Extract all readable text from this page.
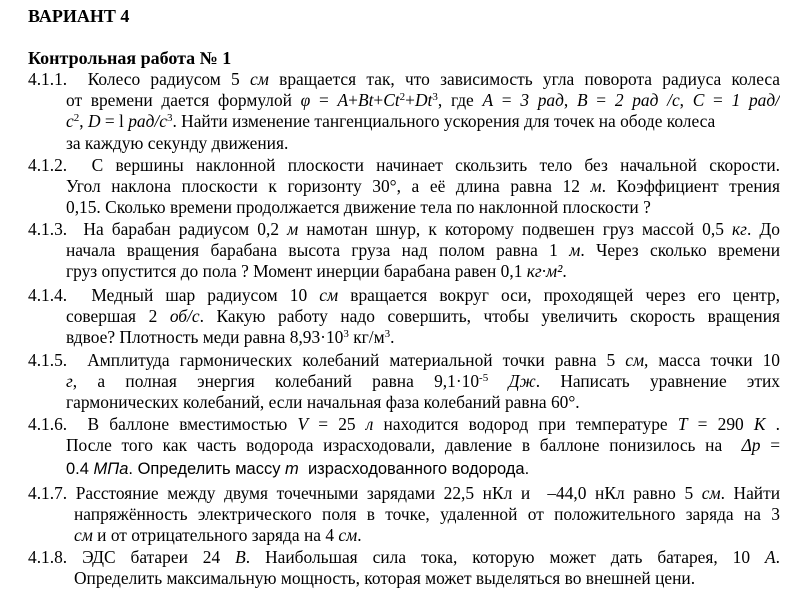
ВАРИАНТ 4
Контрольная работа № 1
4.1.1.  Колесо радиусом 5 см вращается так, что зависимость угла поворота радиуса колеса
от времени дается формулой $\varphi = A+Bt+Ct^2+Dt^3$, где A = 3 рад, B = 2 рад /с, C = 1 рад/
$с^2$, D = l рад/$с^3$. Найти изменение тангенциального ускорения для точек на ободе колеса
за каждую секунду движения.
4.1.2.  С вершины наклонной плоскости начинает скользить тело без начальной скорости.
Угол наклона плоскости к горизонту 30°, а её длина равна 12 м. Коэффициент трения
0,15. Сколько времени продолжается движение тела по наклонной плоскости ?
4.1.3.  На барабан радиусом 0,2 м намотан шнур, к которому подвешен груз массой 0,5 кг. До
начала вращения барабана высота груза над полом равна 1 м. Через сколько времени
груз опустится до пола ? Момент инерции барабана равен 0,1 кг·м².
4.1.4.  Медный шар радиусом 10 см вращается вокруг оси, проходящей через его центр,
совершая 2 об/с. Какую работу надо совершить, чтобы увеличить скорость вращения
вдвое? Плотность меди равна $8,93\cdot 10^3$ $кг/м^3$.
4.1.5.  Амплитуда гармонических колебаний материальной точки равна 5 см, масса точки 10
г, а полная энергия колебаний равна $9,1\cdot 10^{-5}$ Дж. Написать уравнение этих
гармонических колебаний, если начальная фаза колебаний равна 60°.
4.1.6.  В баллоне вместимостью V = 25 л находится водород при температуре T = 290 К .
После того как часть водорода израсходовали, давление в баллоне понизилось на  Δp =
0.4 МПа. Определить массу m  израсходованного водорода.
4.1.7. Расстояние между двумя точечными зарядами 22,5 нКл и  –44,0 нКл равно 5 см. Найти
напряжённость электрического поля в точке, удаленной от положительного заряда на 3
см и от отрицательного заряда на 4 см.
4.1.8. ЭДС батареи 24 В. Наибольшая сила тока, которую может дать батарея, 10 А.
Определить максимальную мощность, которая может выделяться во внешней цени.
